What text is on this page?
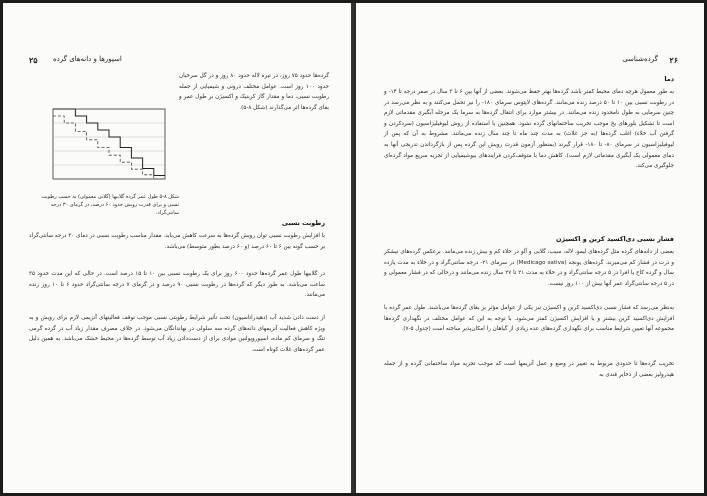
۲۵ اسپورها و دانه‌های گرده

گرده‌ها حدود ۷۵ روز، در تیره لاله حدود ۸۰ روز و در گل سرخیان حدود ۱۰۰ روز است. عوامل مختلف درونی و شیمیایی از جمله رطوبت نسبی، دما و مقدار گاز کربنیک و اکسیژن بر طول عمر و بقای گرده‌ها اثر می‌گذارند (شکل ۸-۵).

شکل ۸-۵ طول عمر گرده گلابیها (گلابی معمولی) به حسب رطوبت نسبی و برای قدرت رویش حدود ۶۰ درصد، در گرمای ۳۰ درجه سانتی‌گراد.

رطوبت نسبی

با افزایش رطوبت نسبی توان رویش گرده‌ها به سرعت کاهش می‌یابد. مقدار مناسب رطوبت نسبی در دمای ۳۰ درجه سانتی‌گراد بر حسب گونه بین ۶ تا ۶۰ درصد (و ۶۰ درصد بطور متوسط) می‌باشد.

در گلابیها طول عمر گرده‌ها حدود ۶۰۰ روز برای یک رطوبت نسبی بین ۱۰ تا ۱۵ درصد است. در حالی که این مدت حدود ۳۵ ساعت می‌باشد. به طور دیگر که گرده‌ها در رطوبت نسبی ۹۰ درصد و در گرمای ۷ درجه سانتی‌گراد حدود ۶ تا ۱۰ روز زنده می‌مانند.

از دست دادن شدید آب (دهیدراتاسیون) تحت تأثیر شرایط رطوبتی نسبی موجب توقف فعالیتهای آنزیمی لازم برای رویش و به ویژه کاهش فعالیت آنزیمهای دانه‌های گرده سه سلولی در نهاندانگان می‌شود. در خلاف مصرف مقدار زیاد آب در گرده گرمی تنگ و سرمای کم ماده، اسپوروپولنین موادی برای از دست‌دادن زیاد آب توسط گرده‌ها در محیط خشک می‌باشد. به همین دلیل عمر گرده‌های غلات کوتاه است.

۲۶
گرده‌شناسی

دما

به طور معمول هرچه دمای محیط کمتر باشد گرده‌ها بهتر حفظ می‌شوند. بعضی از آنها بین ۶ تا ۳ سال در صفر درجه تا ۱۴- و در رطوبت نسبی بین ۱۰ تا ۵۰ درصد زنده می‌مانند. گرده‌های لاپتوس سرمای ۱۸۰- را نیز تحمل می‌کنند و به نظر می‌رسد در چنین سرمایی به طول نامحدود زنده می‌مانند. در بیشتر موارد برای انتقال گرده‌ها به سرما یک مرحله آبگیری مقدماتی لازم است تا تشکیل بلورهای یخ موجب تخریب ساختمانهای گرده نشود. همچنین با استفاده از روش لیوفیلیزاسیون (سردکردن و گرفتن آب خلاء) اغلب گرده‌ها (به جز غلات) به مدت چند ماه تا چند سال زنده می‌مانند. مشروط به آن که پس از لیوفیلیزاسیون در سرمای ۸۰- تا ۱۸۰- قرار گیرند (بمنظور آزمون قدرت رویش این گرده پس از بازگرداندن تدریجی آنها به دمای معمولی یک آبگیری مقدماتی لازم است). کاهش دما با متوقف‌کردن فرایندهای بیوشیمیایی از تجزیه سریع مواد گرده‌ای جلوگیری می‌کند.

فشار نسبی دی‌اکسید کربن و اکسیژن

بعضی از دانه‌های گرده مثل گرده‌های لیمو، لاله، سیب، گلابی و آلو در خلاء کم و بیش زنده می‌مانند. برعکس گرده‌های نیشکر و ذرت در فشار کم می‌میرند. گرده‌های یونجه (Medicago sativa) در سرمای ۲۱- درجه سانتی‌گراد و در خلاء به مدت یازده سال و گرده کاج یا افرا در ۵ درجه سانتی‌گراد و در خلاء به مدت ۲۱ تا ۲۷ سال زنده می‌مانند و درحالی که در فشار معمولی و در ۵ درجه سانتی‌گراد عمر آنها بیش از ۱۰۰ روز نیست.

به‌نظر می‌رسد که فشار نسبی دی‌اکسید کربن و اکسیژن نیز یکی از عوامل مؤثر بر بقای گرده‌ها می‌باشند. طول عمر گرده با افزایش دی‌اکسید کربن بیشتر و با افزایش اکسیژن کمتر می‌شود. با توجه به این که عوامل مختلف در نگهداری گرده‌ها مجموعه آنها تعیین شرایط مناسب برای نگهداری گرده‌های عده زیادی از گیاهان را امکان‌پذیر ساخته است (جدول ۵-۷).

تخریب گرده‌ها تا حدودی مربوط به تغییر در وضع و عمل آنزیمها است که موجب تجزیه مواد ساختمانی گرده و از جمله هیدرولیز بعضی از ذخایر قندی به
